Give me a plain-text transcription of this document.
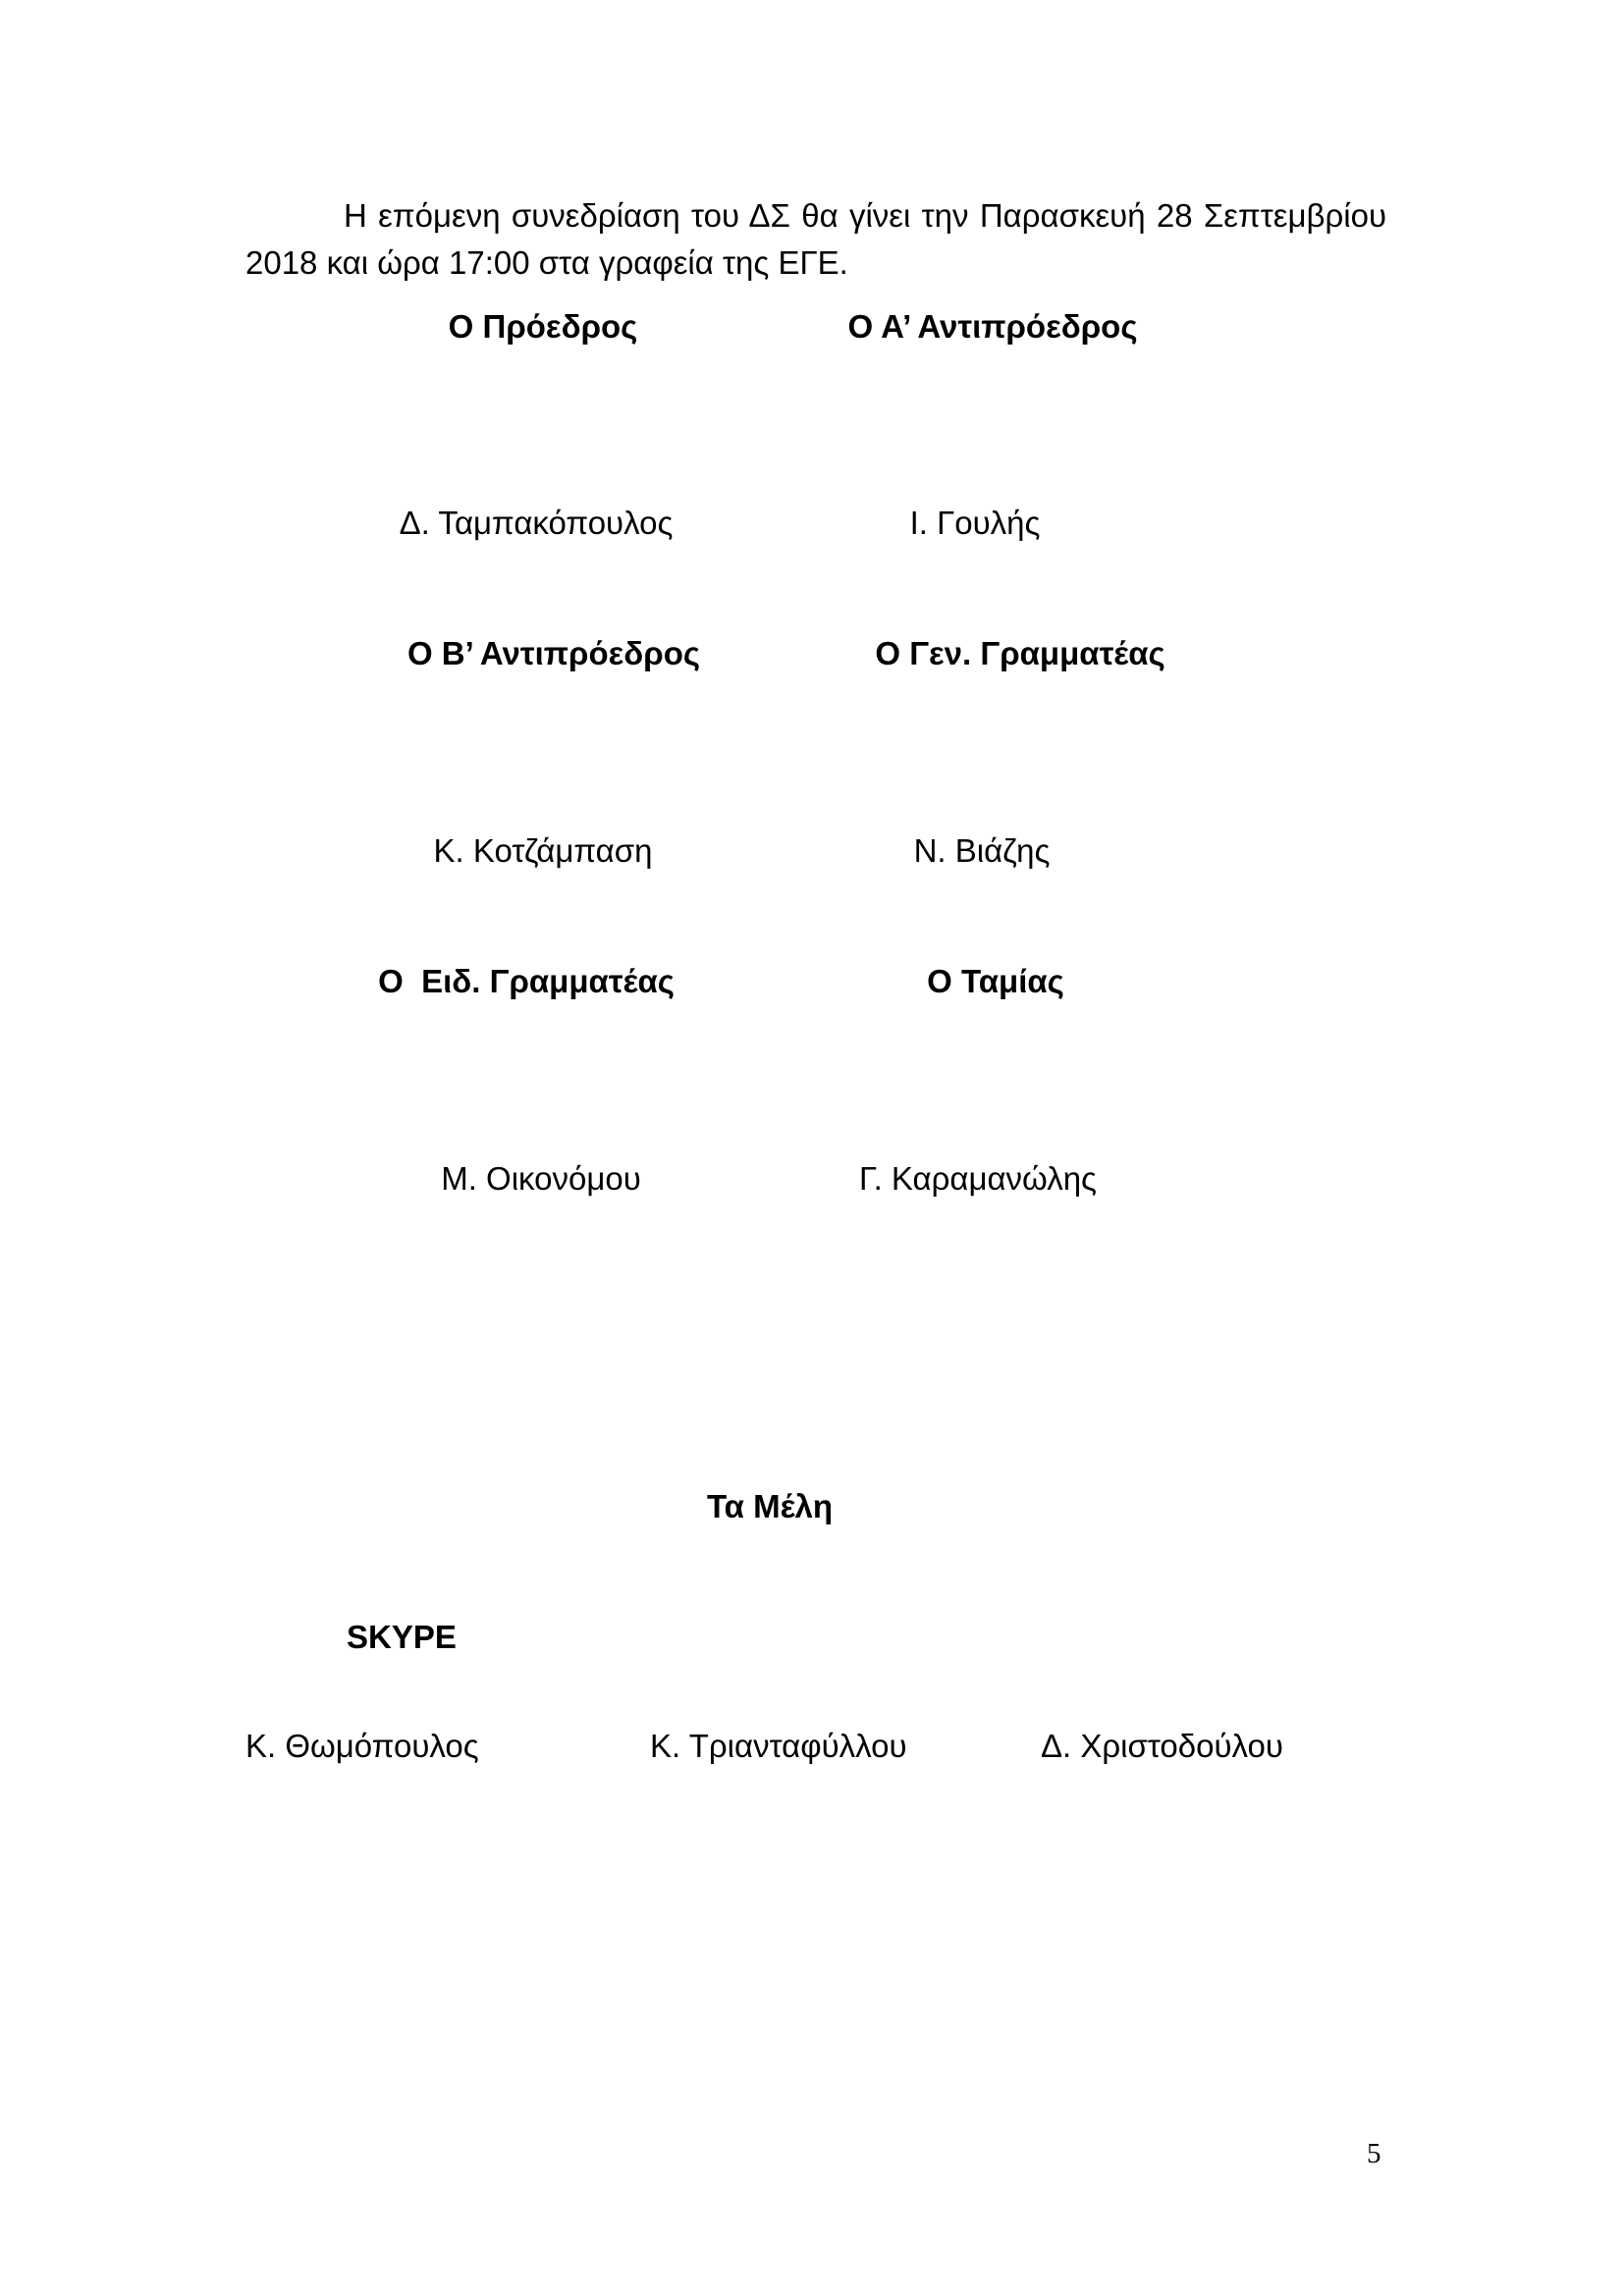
Η επόμενη συνεδρίαση του ΔΣ θα γίνει την Παρασκευή 28 Σεπτεμβρίου
2018 και ώρα 17:00 στα γραφεία της ΕΓΕ.

Ο Πρόεδρος	Ο Α’ Αντιπρόεδρος
Δ. Ταμπακόπουλος	Ι. Γουλής
Ο Β’ Αντιπρόεδρος	Ο Γεν. Γραμματέας
Κ. Κοτζάμπαση	Ν. Βιάζης
Ο  Ειδ. Γραμματέας	Ο Ταμίας
Μ. Οικονόμου	Γ. Καραμανώλης
Τα Μέλη
SKYPE
Κ. Θωμόπουλος	Κ. Τριανταφύλλου	Δ. Χριστοδούλου
5
